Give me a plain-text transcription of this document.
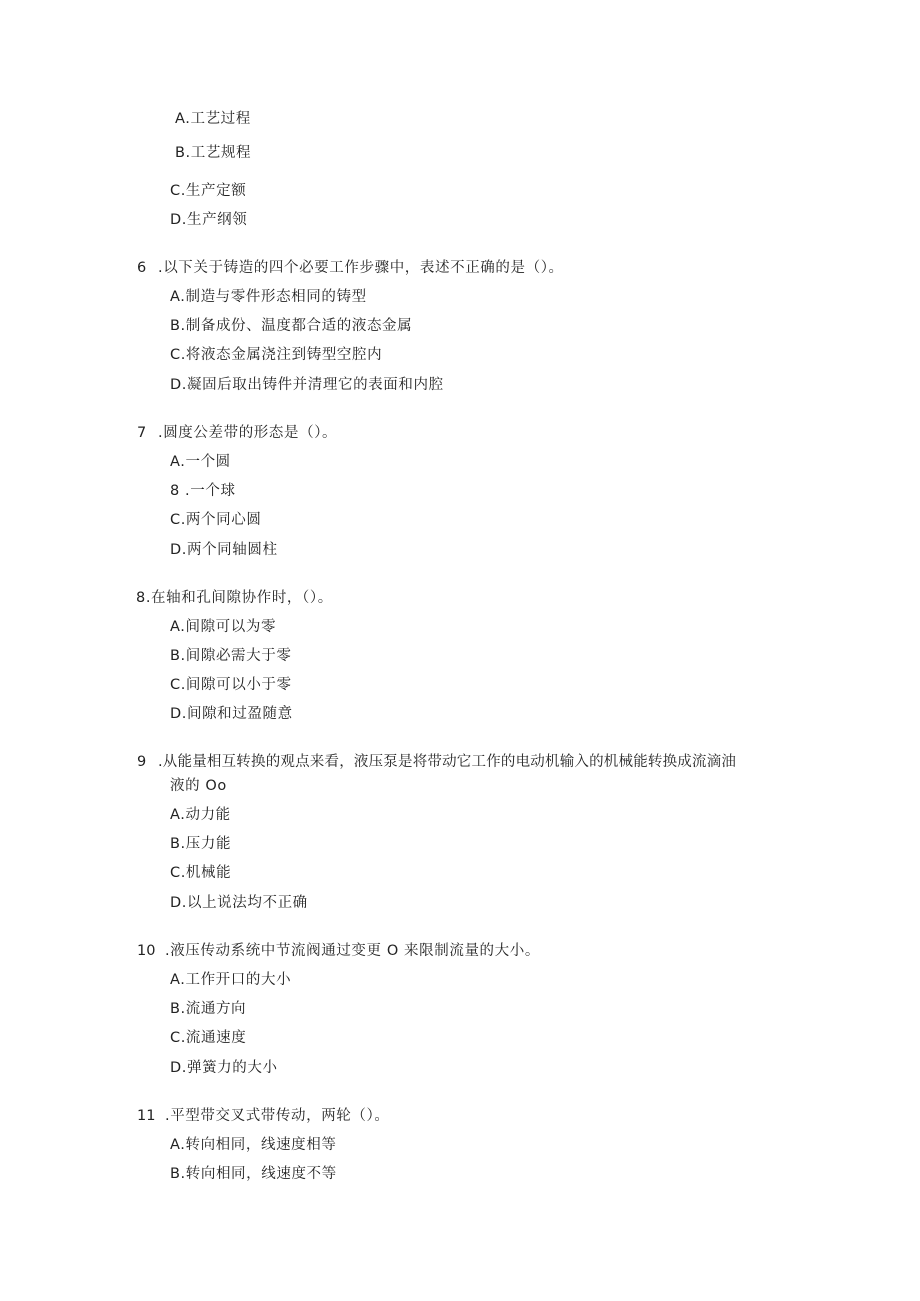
A.工艺过程
B.工艺规程
C.生产定额
D.生产纲领
6 .以下关于铸造的四个必要工作步骤中，表述不正确的是（）。
A.制造与零件形态相同的铸型
B.制备成份、温度都合适的液态金属
C.将液态金属浇注到铸型空腔内
D.凝固后取出铸件并清理它的表面和内腔
7 .圆度公差带的形态是（）。
A.一个圆
8 .一个球
C.两个同心圆
D.两个同轴圆柱
8.在轴和孔间隙协作时，（）。
A.间隙可以为零
B.间隙必需大于零
C.间隙可以小于零
D.间隙和过盈随意
9 .从能量相互转换的观点来看，液压泵是将带动它工作的电动机输入的机械能转换成流滴油
液的 Oo
A.动力能
B.压力能
C.机械能
D.以上说法均不正确
10 .液压传动系统中节流阀通过变更 O 来限制流量的大小。
A.工作开口的大小
B.流通方向
C.流通速度
D.弹簧力的大小
11 .平型带交叉式带传动，两轮（）。
A.转向相同，线速度相等
B.转向相同，线速度不等
